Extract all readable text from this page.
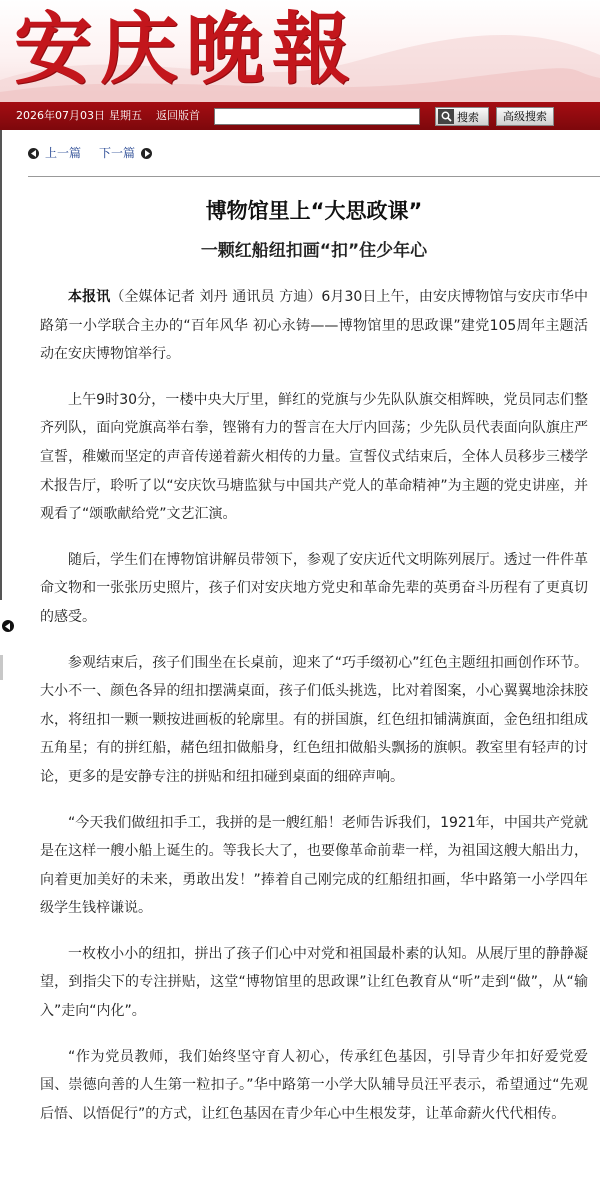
安庆晚報
2026年07月03日 星期五 返回版首	搜索	高级搜索
上一篇 下一篇
博物馆里上“大思政课”
一颗红船纽扣画“扣”住少年心

本报讯（全媒体记者 刘丹 通讯员 方迪）6月30日上午，由安庆博物馆与安庆市华中路第一小学联合主办的“百年风华 初心永铸——博物馆里的思政课”建党105周年主题活动在安庆博物馆举行。

上午9时30分，一楼中央大厅里，鲜红的党旗与少先队队旗交相辉映，党员同志们整齐列队，面向党旗高举右拳，铿锵有力的誓言在大厅内回荡；少先队员代表面向队旗庄严宣誓，稚嫩而坚定的声音传递着薪火相传的力量。宣誓仪式结束后，全体人员移步三楼学术报告厅，聆听了以“安庆饮马塘监狱与中国共产党人的革命精神”为主题的党史讲座，并观看了“颂歌献给党”文艺汇演。

随后，学生们在博物馆讲解员带领下，参观了安庆近代文明陈列展厅。透过一件件革命文物和一张张历史照片，孩子们对安庆地方党史和革命先辈的英勇奋斗历程有了更真切的感受。

参观结束后，孩子们围坐在长桌前，迎来了“巧手缀初心”红色主题纽扣画创作环节。大小不一、颜色各异的纽扣摆满桌面，孩子们低头挑选，比对着图案，小心翼翼地涂抹胶水，将纽扣一颗一颗按进画板的轮廓里。有的拼国旗，红色纽扣铺满旗面，金色纽扣组成五角星；有的拼红船，赭色纽扣做船身，红色纽扣做船头飘扬的旗帜。教室里有轻声的讨论，更多的是安静专注的拼贴和纽扣碰到桌面的细碎声响。

“今天我们做纽扣手工，我拼的是一艘红船！老师告诉我们，1921年，中国共产党就是在这样一艘小船上诞生的。等我长大了，也要像革命前辈一样，为祖国这艘大船出力，向着更加美好的未来，勇敢出发！”捧着自己刚完成的红船纽扣画，华中路第一小学四年级学生钱梓谦说。

一枚枚小小的纽扣，拼出了孩子们心中对党和祖国最朴素的认知。从展厅里的静静凝望，到指尖下的专注拼贴，这堂“博物馆里的思政课”让红色教育从“听”走到“做”，从“输入”走向“内化”。

“作为党员教师，我们始终坚守育人初心，传承红色基因，引导青少年扣好爱党爱国、崇德向善的人生第一粒扣子。”华中路第一小学大队辅导员汪平表示，希望通过“先观后悟、以悟促行”的方式，让红色基因在青少年心中生根发芽，让革命薪火代代相传。
